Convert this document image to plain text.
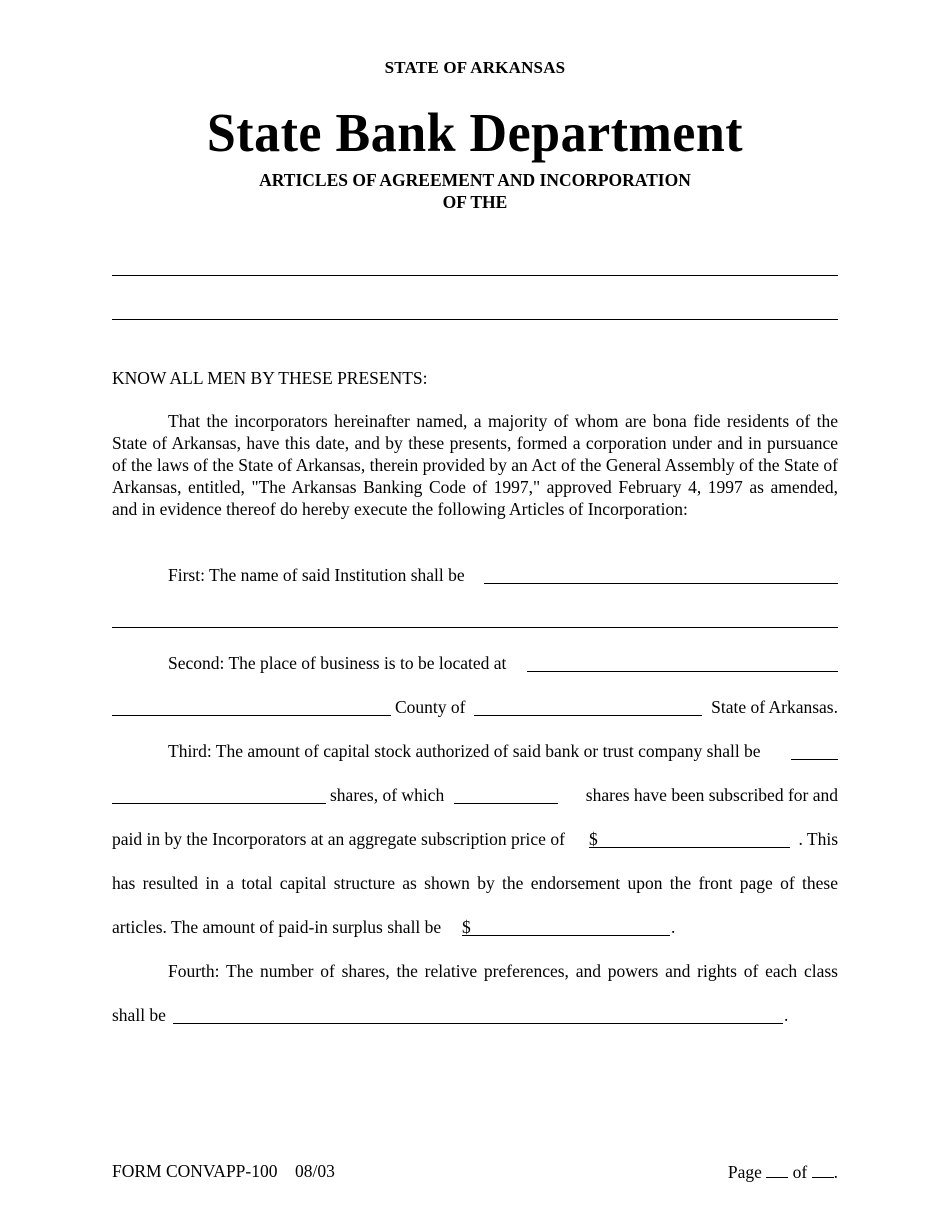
STATE OF ARKANSAS
State Bank Department
ARTICLES OF AGREEMENT AND INCORPORATION
OF THE
KNOW ALL MEN BY THESE PRESENTS:
That the incorporators hereinafter named, a majority of whom are bona fide residents of the State of Arkansas, have this date, and by these presents, formed a corporation under and in pursuance of the laws of the State of Arkansas, therein provided by an Act of the General Assembly of the State of Arkansas, entitled, "The Arkansas Banking Code of 1997," approved February 4, 1997 as amended, and in evidence thereof do hereby execute the following Articles of Incorporation:
First: The name of said Institution shall be
Second: The place of business is to be located at
County of	State of Arkansas.
Third: The amount of capital stock authorized of said bank or trust company shall be
shares, of which	shares have been subscribed for and
paid in by the Incorporators at an aggregate subscription price of $	. This
has resulted in a total capital structure as shown by the endorsement upon the front page of these
articles. The amount of paid-in surplus shall be $	.
Fourth: The number of shares, the relative preferences, and powers and rights of each class
shall be	.
FORM CONVAPP-100 08/03	Page of .
